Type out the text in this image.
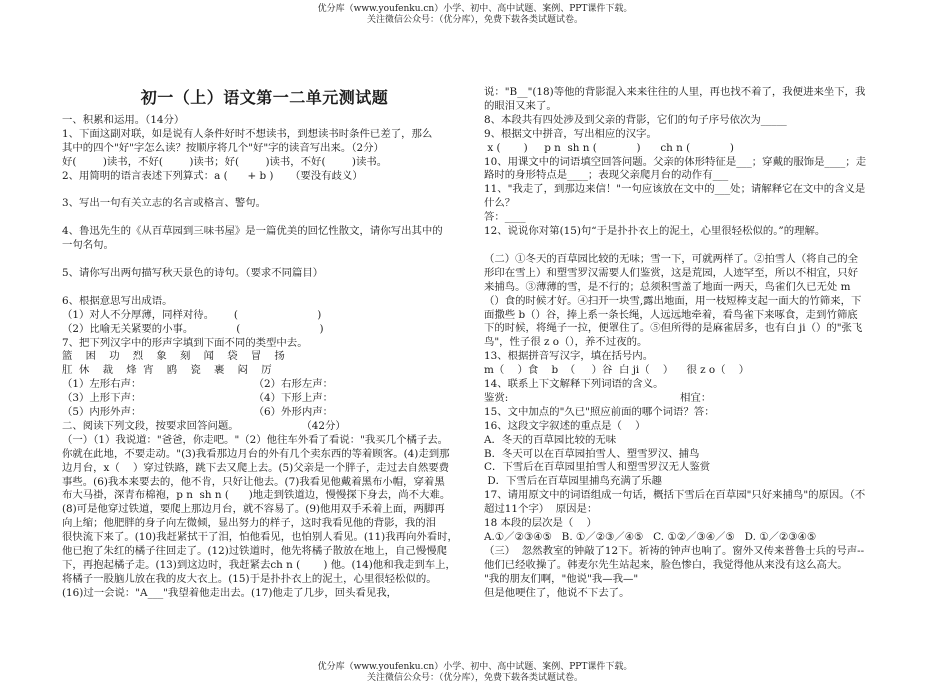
优分库（www.youfenku.cn）小学、初中、高中试题、案例、PPT课件下载。
关注微信公众号：（优分库），免费下载各类试题试卷。
初一（上）语文第一二单元测试题

一、积累和运用。（14分）

1、下面这副对联，如是说有人条件好时不想读书，到想读书时条件已差了，那么

其中的四个"好"字怎么读？按顺序将几个"好"字的读音写出来。（2分）

好(        )读书，不好(        )读书；好(        )读书，不好(        )读书。

2、用简明的语言表述下列算式：a (      + b )     （要没有歧义）

3、写出一句有关立志的名言或格言、警句。

4、鲁迅先生的《从百草园到三味书屋》是一篇优美的回忆性散文，请你写出其中的

一句名句。

5、请你写出两句描写秋天景色的诗句。（要求不同篇目）

6、根据意思写出成语。

（1）对人不分厚薄，同样对待。      (                        )

（2）比喻无关紧要的小事。             (                        )

7、把下列汉字中的形声字填到下面不同的类型中去。

篮    困    功    烈    象    刻    闻    袋    冒    扬

肛  休    裁    烽  宵    鸥    瓷    裹    闷    厉

（1）左形右声：                                  （2）右形左声：

（3）上形下声：                                  （4）下形上声：

（5）内形外声：                                  （6）外形内声：

二、阅读下列文段，按要求回答问题。                   （42分）

（一）（1）我说道："爸爸，你走吧。"（2）他往车外看了看说："我买几个橘子去。

你就在此地，不要走动。"(3)我看那边月台的外有几个卖东西的等着顾客。(4)走到那

边月台，x（    ）穿过铁路，跳下去又爬上去。(5)父亲是一个胖子，走过去自然要费

事些。(6)我本来要去的，他不肯，只好让他去。(7)我看见他戴着黑布小帽，穿着黑

布大马褂，深青布棉袍，p n  sh n (      )地走到铁道边，慢慢探下身去，尚不大难。

(8)可是他穿过铁道，要爬上那边月台，就不容易了。(9)他用双手禾着上面，两脚再

向上缩；他肥胖的身子向左微倾，显出努力的样子，这时我看见他的背影，我的泪

很快流下来了。(10)我赶紧拭干了泪，怕他看见，也怕别人看见。(11)我再向外看时，

他已抱了朱红的橘子往回走了。(12)过铁道时，他先将橘子散放在地上，自己慢慢爬

下，再抱起橘子走。(13)到这边时，我赶紧去ch n (       ) 他。(14)他和我走到车上，

将橘子一股脑儿放在我的皮大衣上。(15)于是扑扑衣上的泥土，心里很轻松似的。

(16)过一会说："A___"我望着他走出去。(17)他走了几步，回头看见我，

说："B__"(18)等他的背影混入来来往往的人里，再也找不着了，我便进来坐下，我

的眼泪又来了。

8、本段共有四处涉及到父亲的背影，它们的句子序号依次为_____

9、根据文中拼音，写出相应的汉字。

x (       )     p n  sh n (            )      ch n (            )

10、用课文中的词语填空回答问题。父亲的体形特征是___；穿戴的服饰是____；走

路时的身形特点是____；表现父亲爬月台的动作有___

11、"我走了，到那边来信！"一句应该放在文中的___处；请解释它在文中的含义是

什么？

答：____

12、说说你对第(15)句“于是扑扑衣上的泥土，心里很轻松似的。”的理解。

（二）①冬天的百草园比较的无味；雪一下，可就两样了。②拍雪人（将自己的全

形印在雪上）和塑雪罗汉需要人们鉴赏，这是荒园，人迹罕至，所以不相宜，只好

来捕鸟。③薄薄的雪，是不行的；总须积雪盖了地面一两天，鸟雀们久已无处 m

（）食的时候才好。④扫开一块雪,露出地面，用一枝短棒支起一面大的竹筛来，下

面撒些 b（）谷，捧上系一条长绳，人远远地牵着，看鸟雀下来啄食，走到竹筛底

下的时候，将绳子一拉，便罩住了。⑤但所得的是麻雀居多，也有白 ji（）的"张飞

鸟"，性子很 z o（），养不过夜的。

13、根据拼音写汉字，填在括号内。

m（    ）食    b  （     ）谷  白 ji（    ）    很 z o（    ）

14、联系上下文解释下列词语的含义。

鉴赏:                                                    相宜：

15、文中加点的"久已"照应前面的哪个词语？答：

16、这段文字叙述的重点是（    ）

A．冬天的百草园比较的无味

B．冬天可以在百草园拍雪人、塑雪罗汉、捕鸟

C．下雪后在百草园里拍雪人和塑雪罗汉无人鉴赏

D．下雪后在百草园里捕鸟充满了乐趣

17、请用原文中的词语组成一句话，概括下雪后在百草园"只好来捕鸟"的原因。（不

超过11个字）  原因是：

18 本段的层次是（    ）

A.①／②③④⑤   B. ①／②③／④⑤   C. ①②／③④／⑤   D. ①／②③④⑤

（三）  忽然教室的钟敲了12下。祈祷的钟声也响了。窗外又传来普鲁士兵的号声--

他们已经收操了。韩麦尔先生站起来，脸色惨白，我觉得他从来没有这么高大。

"我的朋友们啊，"他说"我—我—"

但是他哽住了，他说不下去了。

优分库（www.youfenku.cn）小学、初中、高中试题、案例、PPT课件下载。
关注微信公众号：（优分库），免费下载各类试题试卷。
